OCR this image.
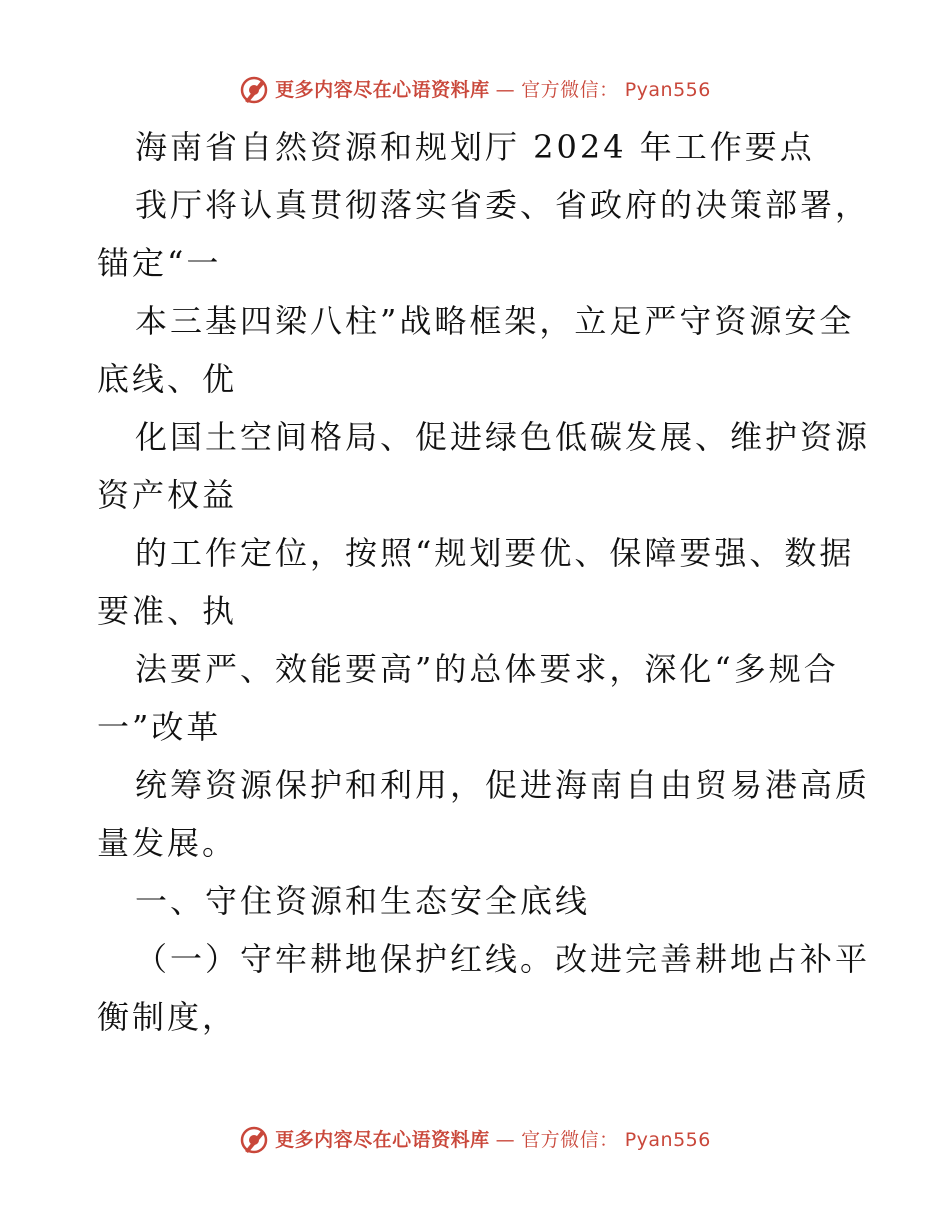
更多内容尽在心语资料库 — 官方微信： Pyan556
海南省自然资源和规划厅 2024 年工作要点
我厅将认真贯彻落实省委、省政府的决策部署，
锚定“一
本三基四梁八柱”战略框架，立足严守资源安全
底线、优
化国土空间格局、促进绿色低碳发展、维护资源
资产权益
的工作定位，按照“规划要优、保障要强、数据
要准、执
法要严、效能要高”的总体要求，深化“多规合
一”改革
统筹资源保护和利用，促进海南自由贸易港高质
量发展。
一、守住资源和生态安全底线
（一）守牢耕地保护红线。改进完善耕地占补平
衡制度，
更多内容尽在心语资料库 — 官方微信： Pyan556
